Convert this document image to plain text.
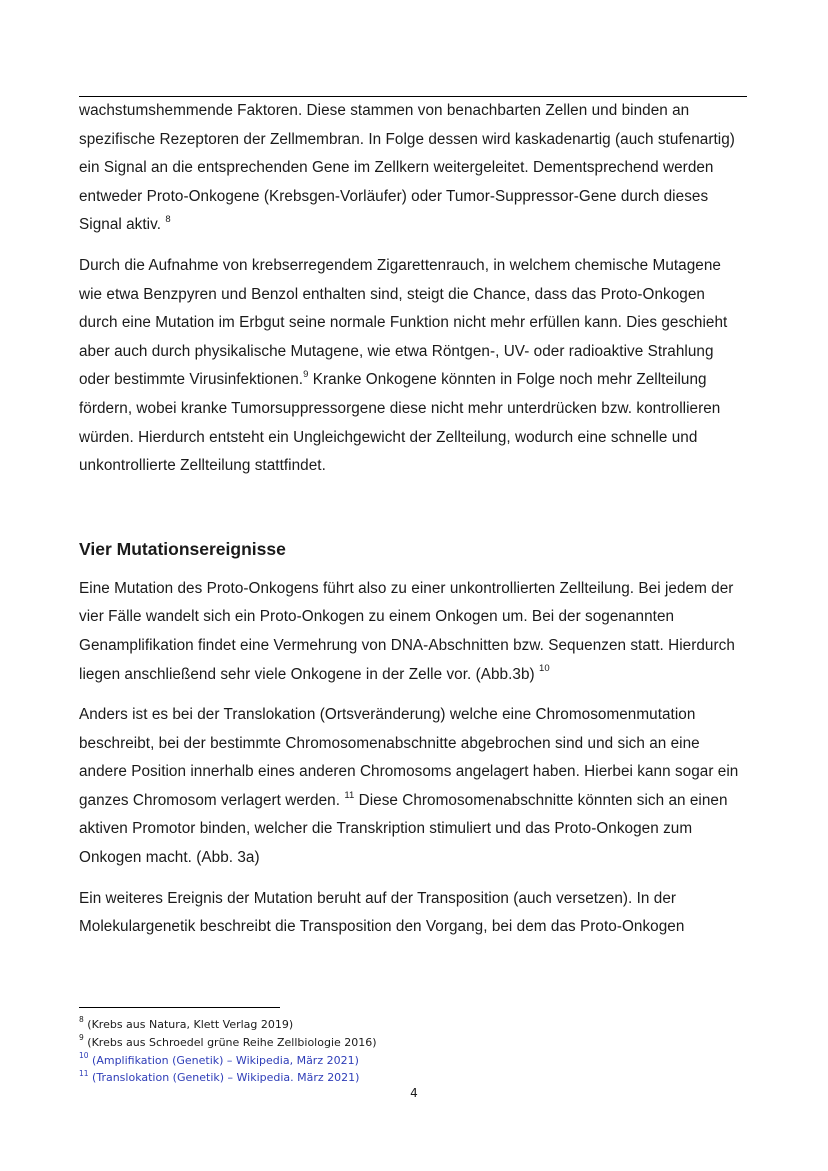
wachstumshemmende Faktoren. Diese stammen von benachbarten Zellen und binden an spezifische Rezeptoren der Zellmembran. In Folge dessen wird kaskadenartig (auch stufenartig) ein Signal an die entsprechenden Gene im Zellkern weitergeleitet. Dementsprechend werden entweder Proto-Onkogene (Krebsgen-Vorläufer) oder Tumor-Suppressor-Gene durch dieses Signal aktiv. $^8$

Durch die Aufnahme von krebserregendem Zigarettenrauch, in welchem chemische Mutagene wie etwa Benzpyren und Benzol enthalten sind, steigt die Chance, dass das Proto-Onkogen durch eine Mutation im Erbgut seine normale Funktion nicht mehr erfüllen kann. Dies geschieht aber auch durch physikalische Mutagene, wie etwa Röntgen-, UV- oder radioaktive Strahlung oder bestimmte Virusinfektionen.$^9$ Kranke Onkogene könnten in Folge noch mehr Zellteilung fördern, wobei kranke Tumorsuppressorgene diese nicht mehr unterdrücken bzw. kontrollieren würden. Hierdurch entsteht ein Ungleichgewicht der Zellteilung, wodurch eine schnelle und unkontrollierte Zellteilung stattfindet.

Vier Mutationsereignisse

Eine Mutation des Proto-Onkogens führt also zu einer unkontrollierten Zellteilung. Bei jedem der vier Fälle wandelt sich ein Proto-Onkogen zu einem Onkogen um. Bei der sogenannten Genamplifikation findet eine Vermehrung von DNA-Abschnitten bzw. Sequenzen statt. Hierdurch liegen anschließend sehr viele Onkogene in der Zelle vor. (Abb.3b) $^{10}$

Anders ist es bei der Translokation (Ortsveränderung) welche eine Chromosomenmutation beschreibt, bei der bestimmte Chromosomenabschnitte abgebrochen sind und sich an eine andere Position innerhalb eines anderen Chromosoms angelagert haben. Hierbei kann sogar ein ganzes Chromosom verlagert werden. $^{11}$ Diese Chromosomenabschnitte könnten sich an einen aktiven Promotor binden, welcher die Transkription stimuliert und das Proto-Onkogen zum Onkogen macht. (Abb. 3a)

Ein weiteres Ereignis der Mutation beruht auf der Transposition (auch versetzen). In der Molekulargenetik beschreibt die Transposition den Vorgang, bei dem das Proto-Onkogen

$^8$ (Krebs aus Natura, Klett Verlag 2019)

$^9$ (Krebs aus Schroedel grüne Reihe Zellbiologie 2016)

$^{10}$ (Amplifikation (Genetik) – Wikipedia, März 2021)

$^{11}$ (Translokation (Genetik) – Wikipedia. März 2021)

4
